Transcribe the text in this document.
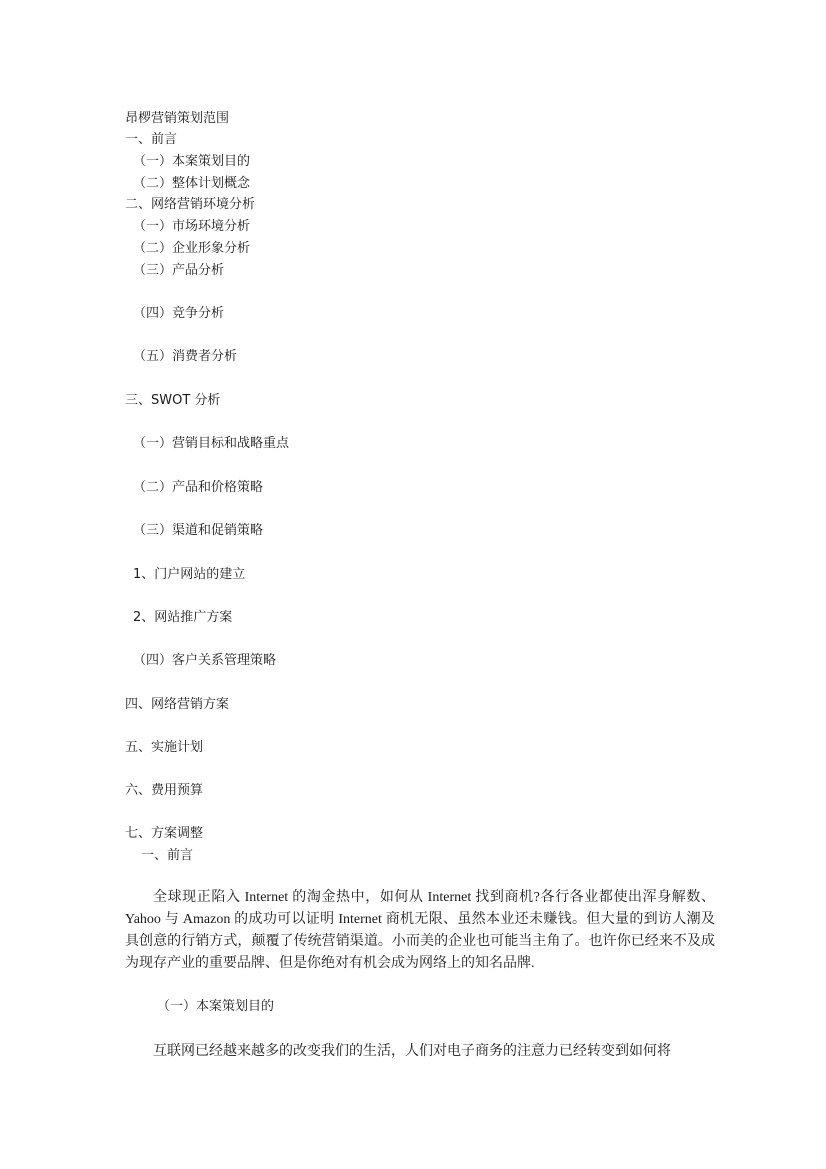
昂椤营销策划范围
一、前言
（一）本案策划目的
（二）整体计划概念
二、网络营销环境分析
（一）市场环境分析
（二）企业形象分析
（三）产品分析
（四）竞争分析
（五）消费者分析
三、SWOT 分析
（一）营销目标和战略重点
（二）产品和价格策略
（三）渠道和促销策略
1、门户网站的建立
2、网站推广方案
（四）客户关系管理策略
四、网络营销方案
五、实施计划
六、费用预算
七、方案调整
一、前言

全球现正陷入 Internet 的淘金热中，如何从 Internet 找到商机?各行各业都使出浑身解数、Yahoo 与 Amazon 的成功可以证明 Internet 商机无限、虽然本业还未赚钱。但大量的到访人潮及具创意的行销方式，颠覆了传统营销渠道。小而美的企业也可能当主角了。也许你已经来不及成为现存产业的重要品牌、但是你绝对有机会成为网络上的知名品牌.

（一）本案策划目的

互联网已经越来越多的改变我们的生活，人们对电子商务的注意力已经转变到如何将
